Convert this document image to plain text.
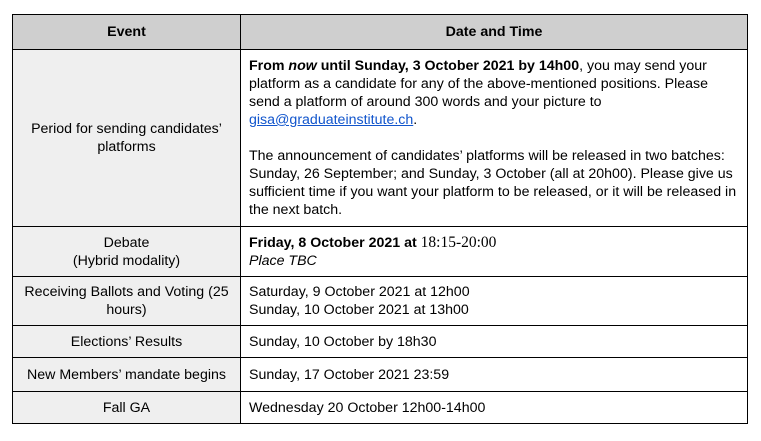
Event	Date and Time
Period for sending candidates’ platforms	From now until Sunday, 3 October 2021 by 14h00, you may send your platform as a candidate for any of the above-mentioned positions. Please send a platform of around 300 words and your picture to gisa@graduateinstitute.ch.
The announcement of candidates’ platforms will be released in two batches: Sunday, 26 September; and Sunday, 3 October (all at 20h00). Please give us sufficient time if you want your platform to be released, or it will be released in the next batch.

Debate
(Hybrid modality)	Friday, 8 October 2021 at 18:15-20:00
Place TBC

Receiving Ballots and Voting (25 hours)	Saturday, 9 October 2021 at 12h00
Sunday, 10 October 2021 at 13h00

Elections’ Results	Sunday, 10 October by 18h30
New Members’ mandate begins	Sunday, 17 October 2021 23:59
Fall GA	Wednesday 20 October 12h00-14h00
